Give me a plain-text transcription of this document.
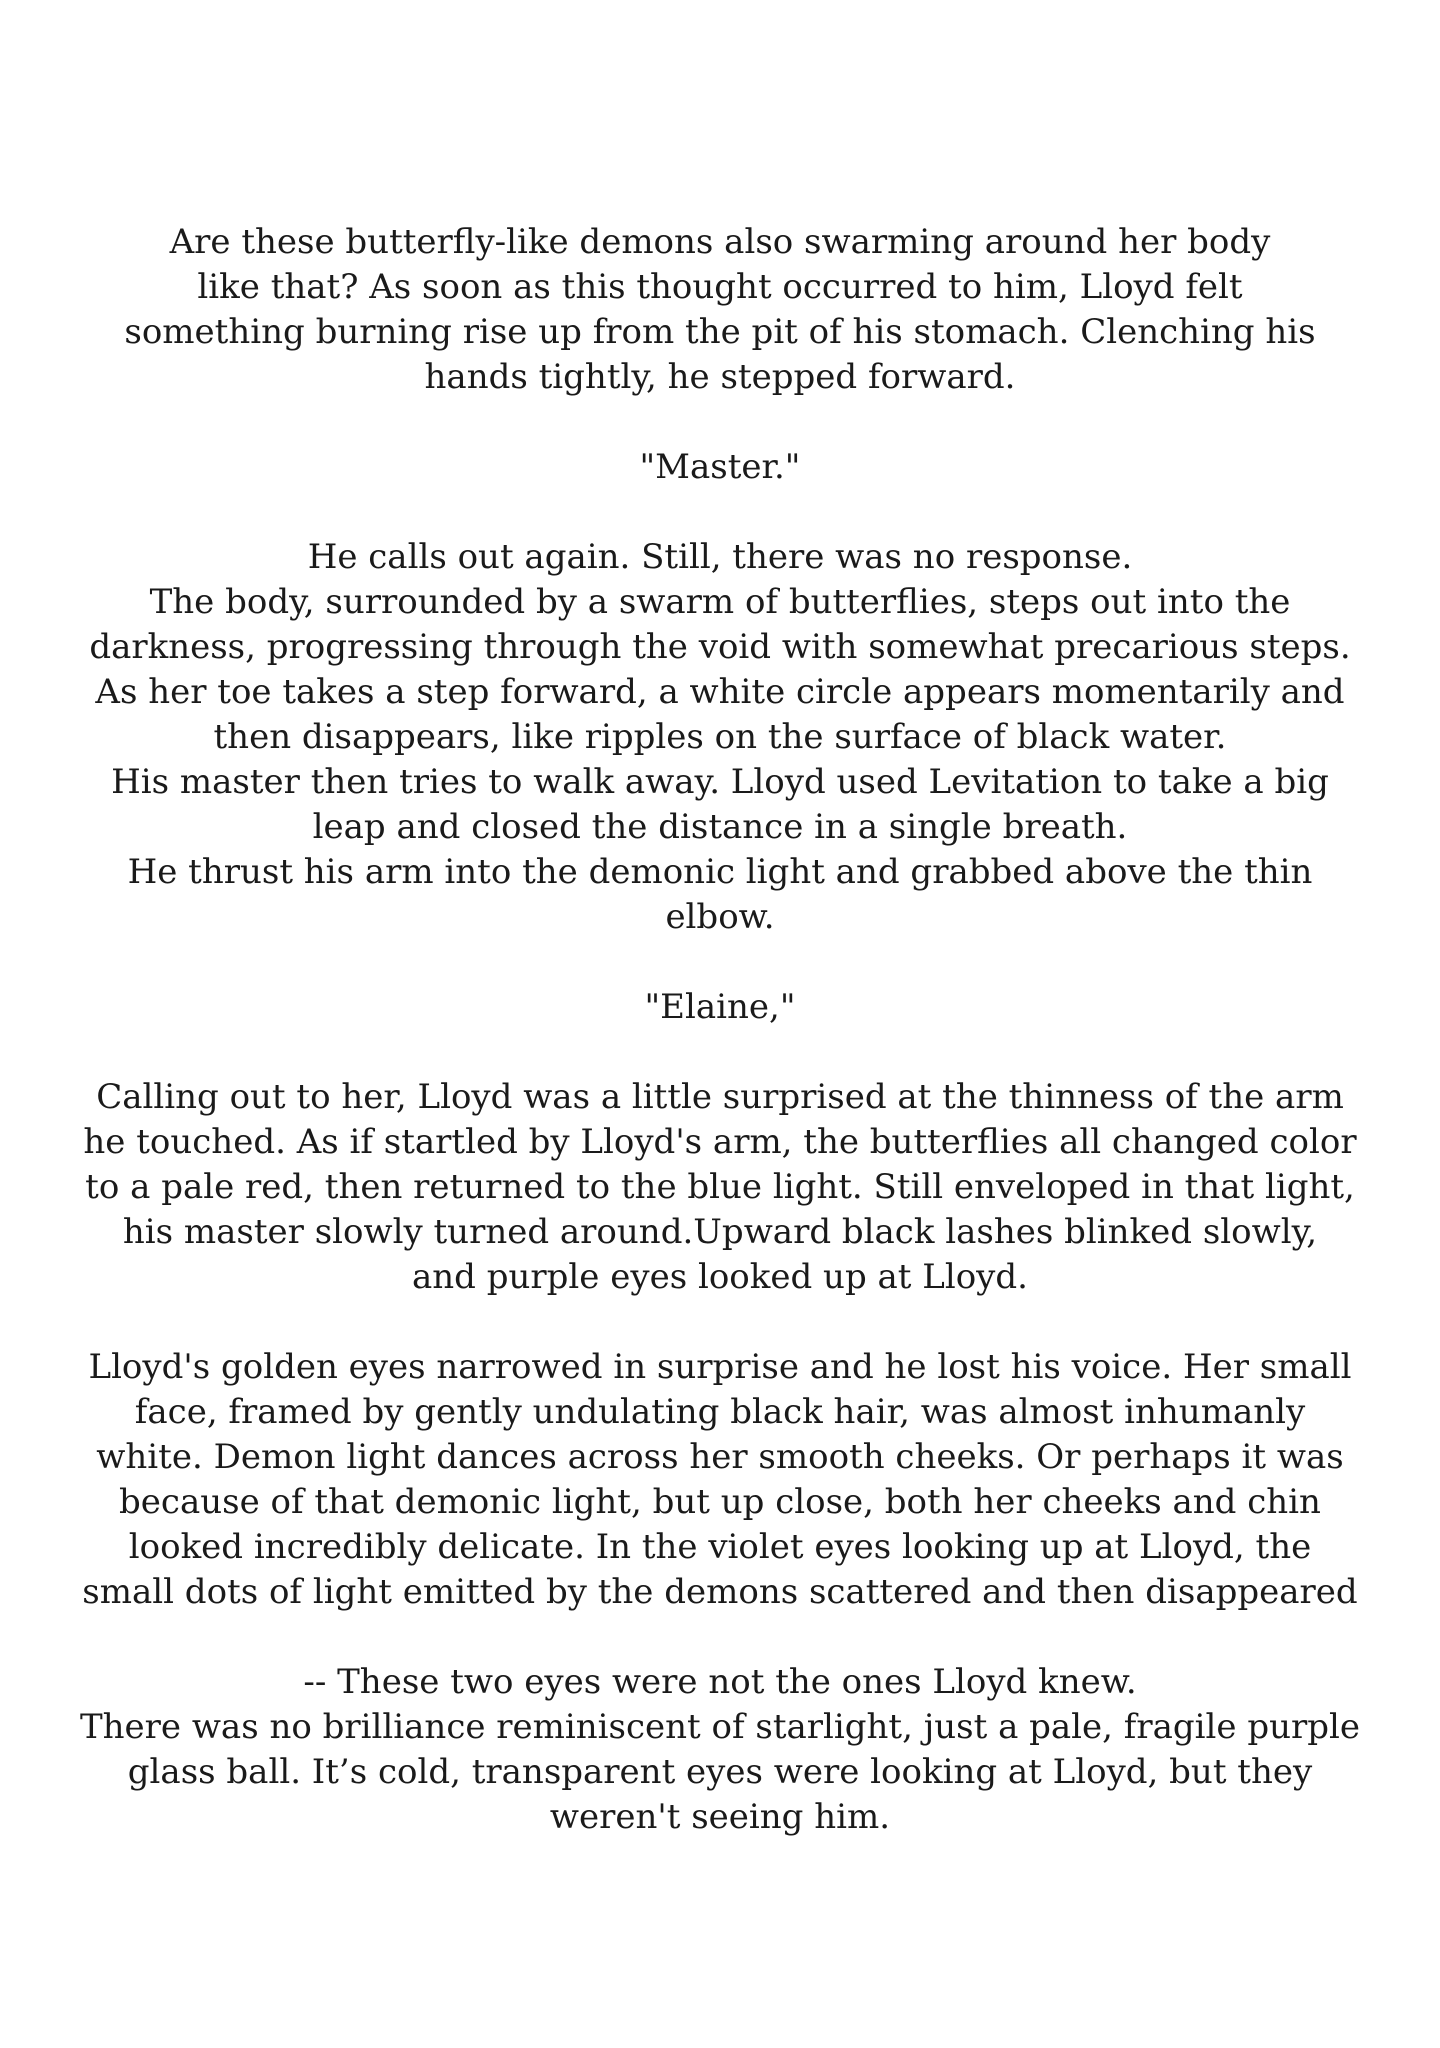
Are these butterfly-like demons also swarming around her body
like that? As soon as this thought occurred to him, Lloyd felt
something burning rise up from the pit of his stomach. Clenching his
hands tightly, he stepped forward.
"Master."
He calls out again. Still, there was no response.
The body, surrounded by a swarm of butterflies, steps out into the
darkness, progressing through the void with somewhat precarious steps.
As her toe takes a step forward, a white circle appears momentarily and
then disappears, like ripples on the surface of black water.
His master then tries to walk away. Lloyd used Levitation to take a big
leap and closed the distance in a single breath.
He thrust his arm into the demonic light and grabbed above the thin
elbow.
"Elaine,"
Calling out to her, Lloyd was a little surprised at the thinness of the arm
he touched. As if startled by Lloyd's arm, the butterflies all changed color
to a pale red, then returned to the blue light. Still enveloped in that light,
his master slowly turned around.Upward black lashes blinked slowly,
and purple eyes looked up at Lloyd.
Lloyd's golden eyes narrowed in surprise and he lost his voice. Her small
face, framed by gently undulating black hair, was almost inhumanly
white. Demon light dances across her smooth cheeks. Or perhaps it was
because of that demonic light, but up close, both her cheeks and chin
looked incredibly delicate. In the violet eyes looking up at Lloyd, the
small dots of light emitted by the demons scattered and then disappeared
-- These two eyes were not the ones Lloyd knew.
There was no brilliance reminiscent of starlight, just a pale, fragile purple
glass ball. It’s cold, transparent eyes were looking at Lloyd, but they
weren't seeing him.
